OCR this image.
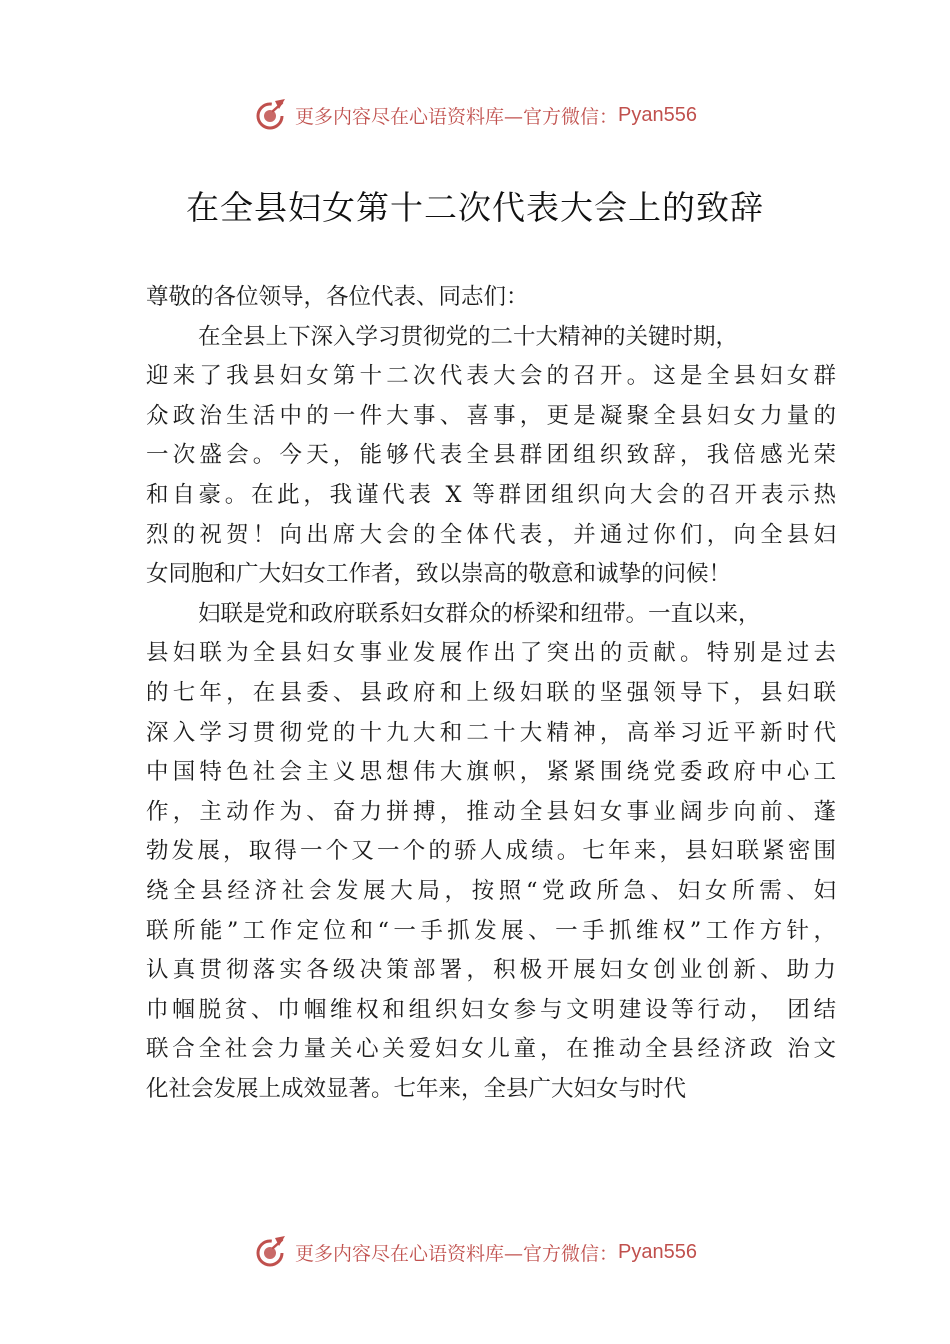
更多内容尽在心语资料库— 官方微信： Pyan556
在全县妇女第十二次代表大会上的致辞
尊敬的各位领导，各位代表、同志们：
在全县上下深入学习贯彻党的二十大精神的关键时期，
迎来了我县妇女第十二次代表大会的召开。这是全县妇女群
众政治生活中的一件大事、喜事，更是凝聚全县妇女力量的
一次盛会。今天，能够代表全县群团组织致辞，我倍感光荣
和自豪。在此，我谨代表 X 等群团组织向大会的召开表示热
烈的祝贺！向出席大会的全体代表，并通过你们，向全县妇
女同胞和广大妇女工作者，致以崇高的敬意和诚挚的问候！
妇联是党和政府联系妇女群众的桥梁和纽带。一直以来，
县妇联为全县妇女事业发展作出了突出的贡献。特别是过去
的七年，在县委、县政府和上级妇联的坚强领导下，县妇联
深入学习贯彻党的十九大和二十大精神，高举习近平新时代
中国特色社会主义思想伟大旗帜，紧紧围绕党委政府中心工
作，主动作为、奋力拼搏，推动全县妇女事业阔步向前、蓬
勃发展，取得一个又一个的骄人成绩。七年来，县妇联紧密围
绕全县经济社会发展大局，按照“党政所急、妇女所需、妇
联所能”工作定位和“一手抓发展、一手抓维权”工作方针，
认真贯彻落实各级决策部署，积极开展妇女创业创新、助力
巾帼脱贫、巾帼维权和组织妇女参与文明建设等行动， 团结
联合全社会力量关心关爱妇女儿童，在推动全县经济政 治文
化社会发展上成效显著。七年来，全县广大妇女与时代
更多内容尽在心语资料库— 官方微信： Pyan556
